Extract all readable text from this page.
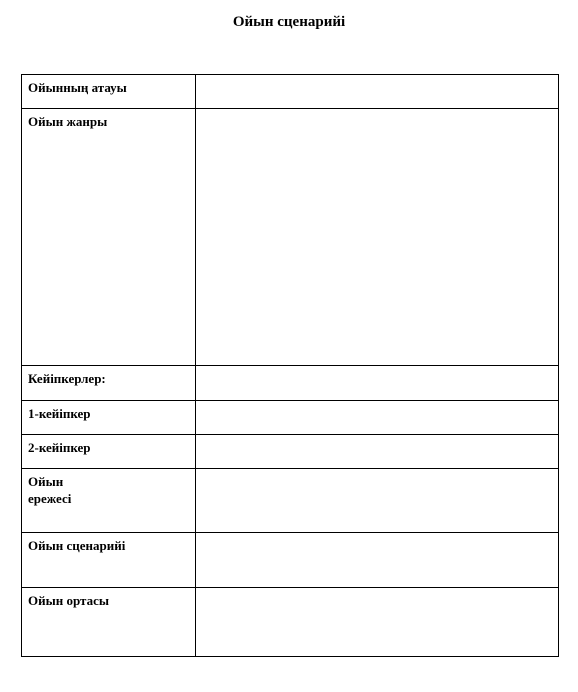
Ойын сценарийі
Ойынның атауы	

Ойын жанры	

Кейіпкерлер:	

1-кейіпкер	

2-кейіпкер	

Ойын
ережесі	

Ойын сценарийі	

Ойын ортасы	
